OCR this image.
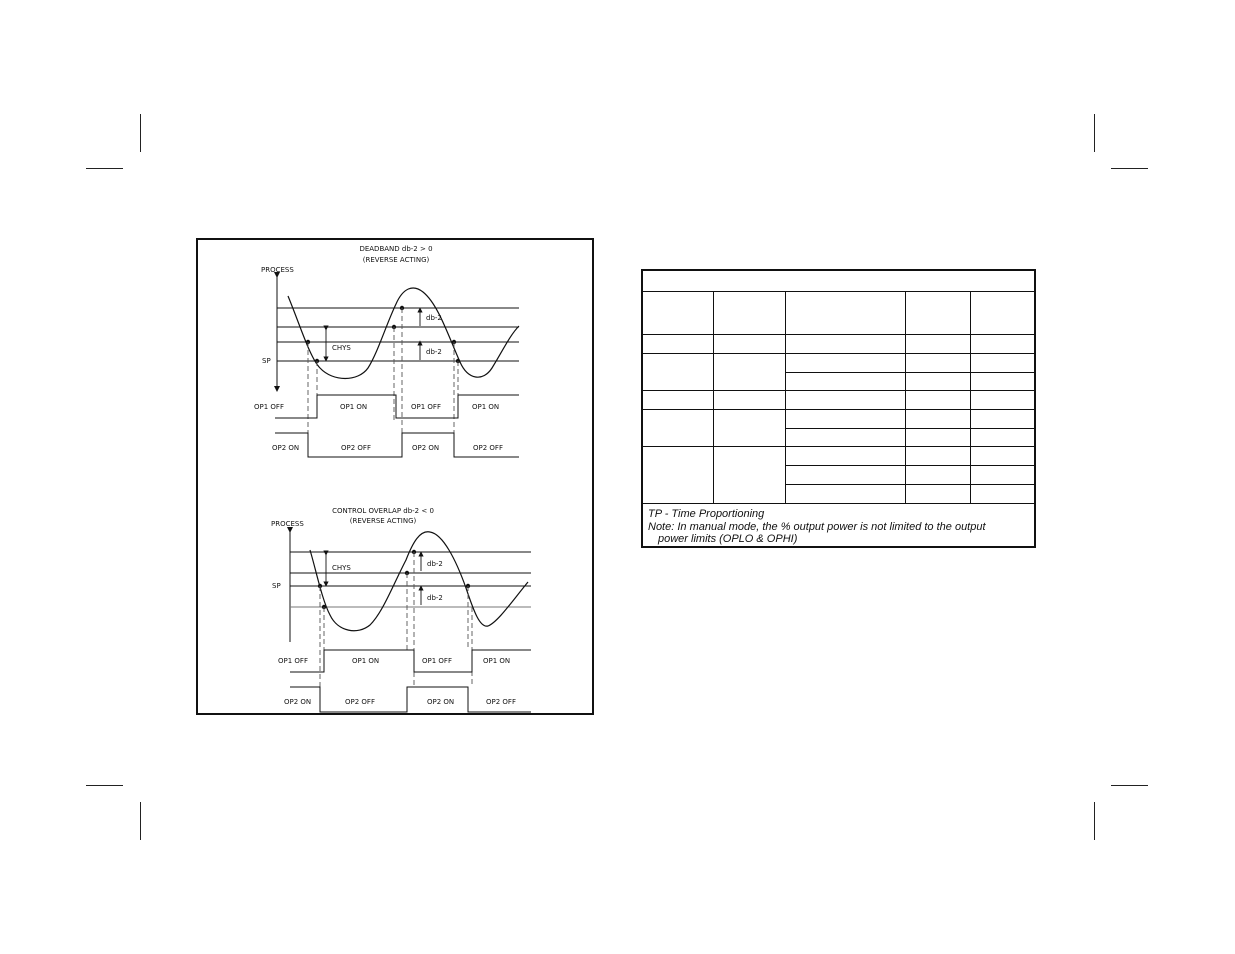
DEADBAND db-2 > 0
(REVERSE ACTING)
PROCESS
SP
CHYS
db-2
db-2
OP1 OFF	OP1 ON	OP1 OFF	OP1 ON
OP2 ON	OP2 OFF	OP2 ON	OP2 OFF
CONTROL OVERLAP db-2 < 0
(REVERSE ACTING)
PROCESS
SP
CHYS	db-2
db-2
OP1 OFF	OP1 ON	OP1 OFF	OP1 ON
OP2 ON	OP2 OFF	OP2 ON	OP2 OFF
TP - Time Proportioning
Note: In manual mode, the % output power is not limited to the output
power limits (OPLO & OPHI)
